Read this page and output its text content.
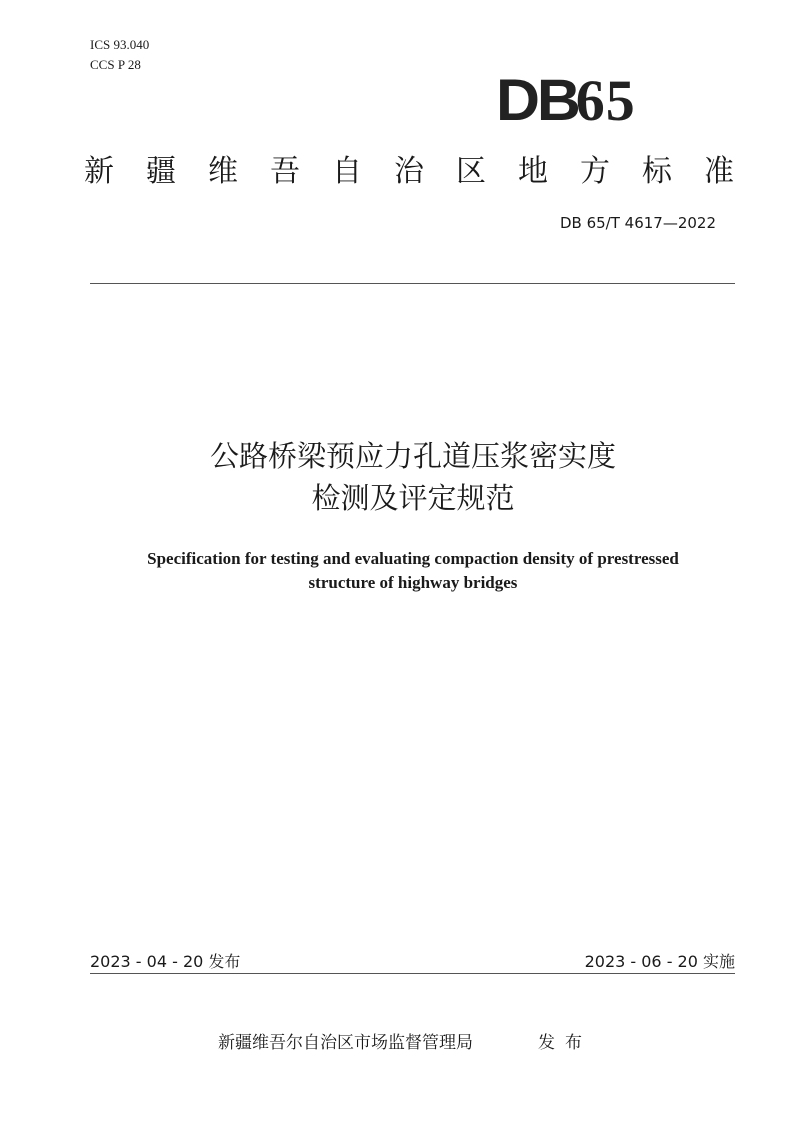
ICS 93.040
CCS P 28
DB65
新 疆 维 吾 自 治 区 地 方 标 准
DB 65/T 4617—2022
公路桥梁预应力孔道压浆密实度
检测及评定规范
Specification for testing and evaluating compaction density of prestressed
structure of highway bridges
2023 - 04 - 20 发布	2023 - 06 - 20 实施
新疆维吾尔自治区市场监督管理局	发布
